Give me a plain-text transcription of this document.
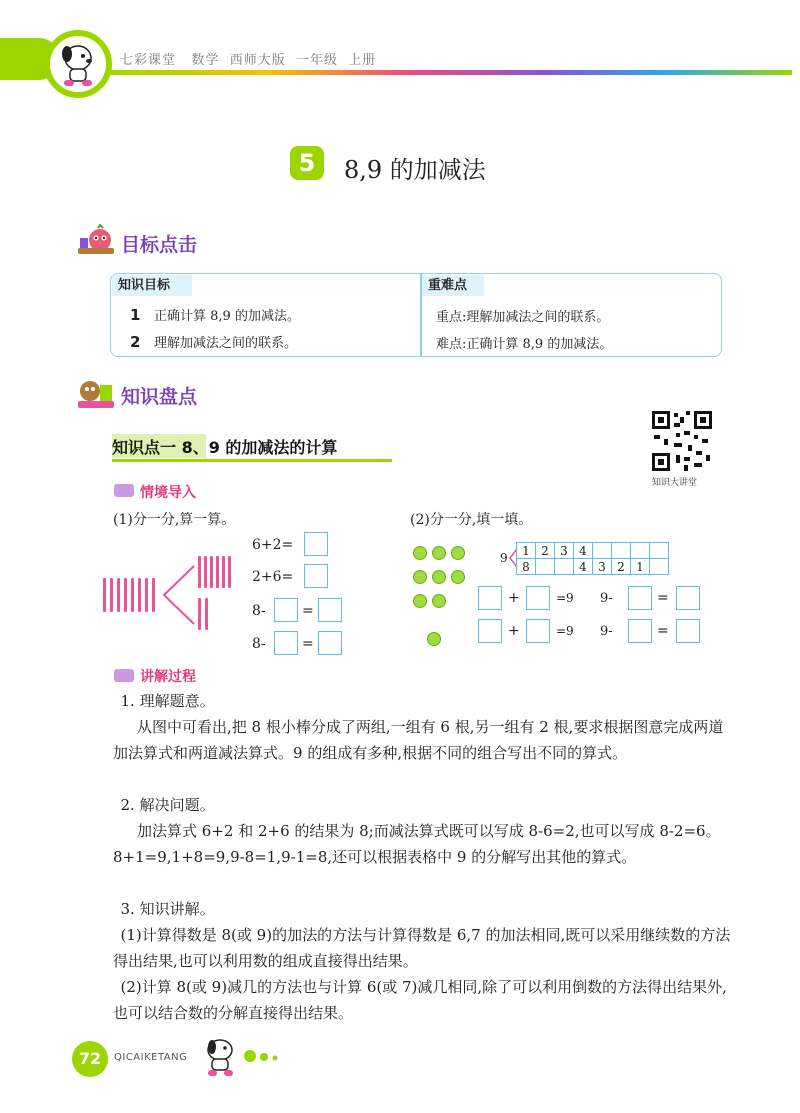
七彩课堂 数学 西师大版 一年级 上册
5	8,9 的加减法
目标点击
知识目标	重难点
1 正确计算 8,9 的加减法。
2 理解加减法之间的联系。
重点:理解加减法之间的联系。
难点:正确计算 8,9 的加减法。
知识盘点
知识点一 8、9 的加减法的计算
知识大讲堂
情境导入
(1)分一分,算一算。	(2)分一分,填一填。
6+2=
2+6=
8-	=
8-	=
9
1	2	3	4				
8			4	3	2	1	
+	=9 9-	=
+	=9 9-	=
讲解过程
1. 理解题意。
从图中可看出,把 8 根小棒分成了两组,一组有 6 根,另一组有 2 根,要求根据图意完成两道加法算式和两道减法算式。9 的组成有多种,根据不同的组合写出不同的算式。
2. 解决问题。
加法算式 6+2 和 2+6 的结果为 8;而减法算式既可以写成 8-6=2,也可以写成 8-2=6。8+1=9,1+8=9,9-8=1,9-1=8,还可以根据表格中 9 的分解写出其他的算式。
3. 知识讲解。
(1)计算得数是 8(或 9)的加法的方法与计算得数是 6,7 的加法相同,既可以采用继续数的方法得出结果,也可以利用数的组成直接得出结果。
(2)计算 8(或 9)减几的方法也与计算 6(或 7)减几相同,除了可以利用倒数的方法得出结果外,也可以结合数的分解直接得出结果。
72	QICAIKETANG
